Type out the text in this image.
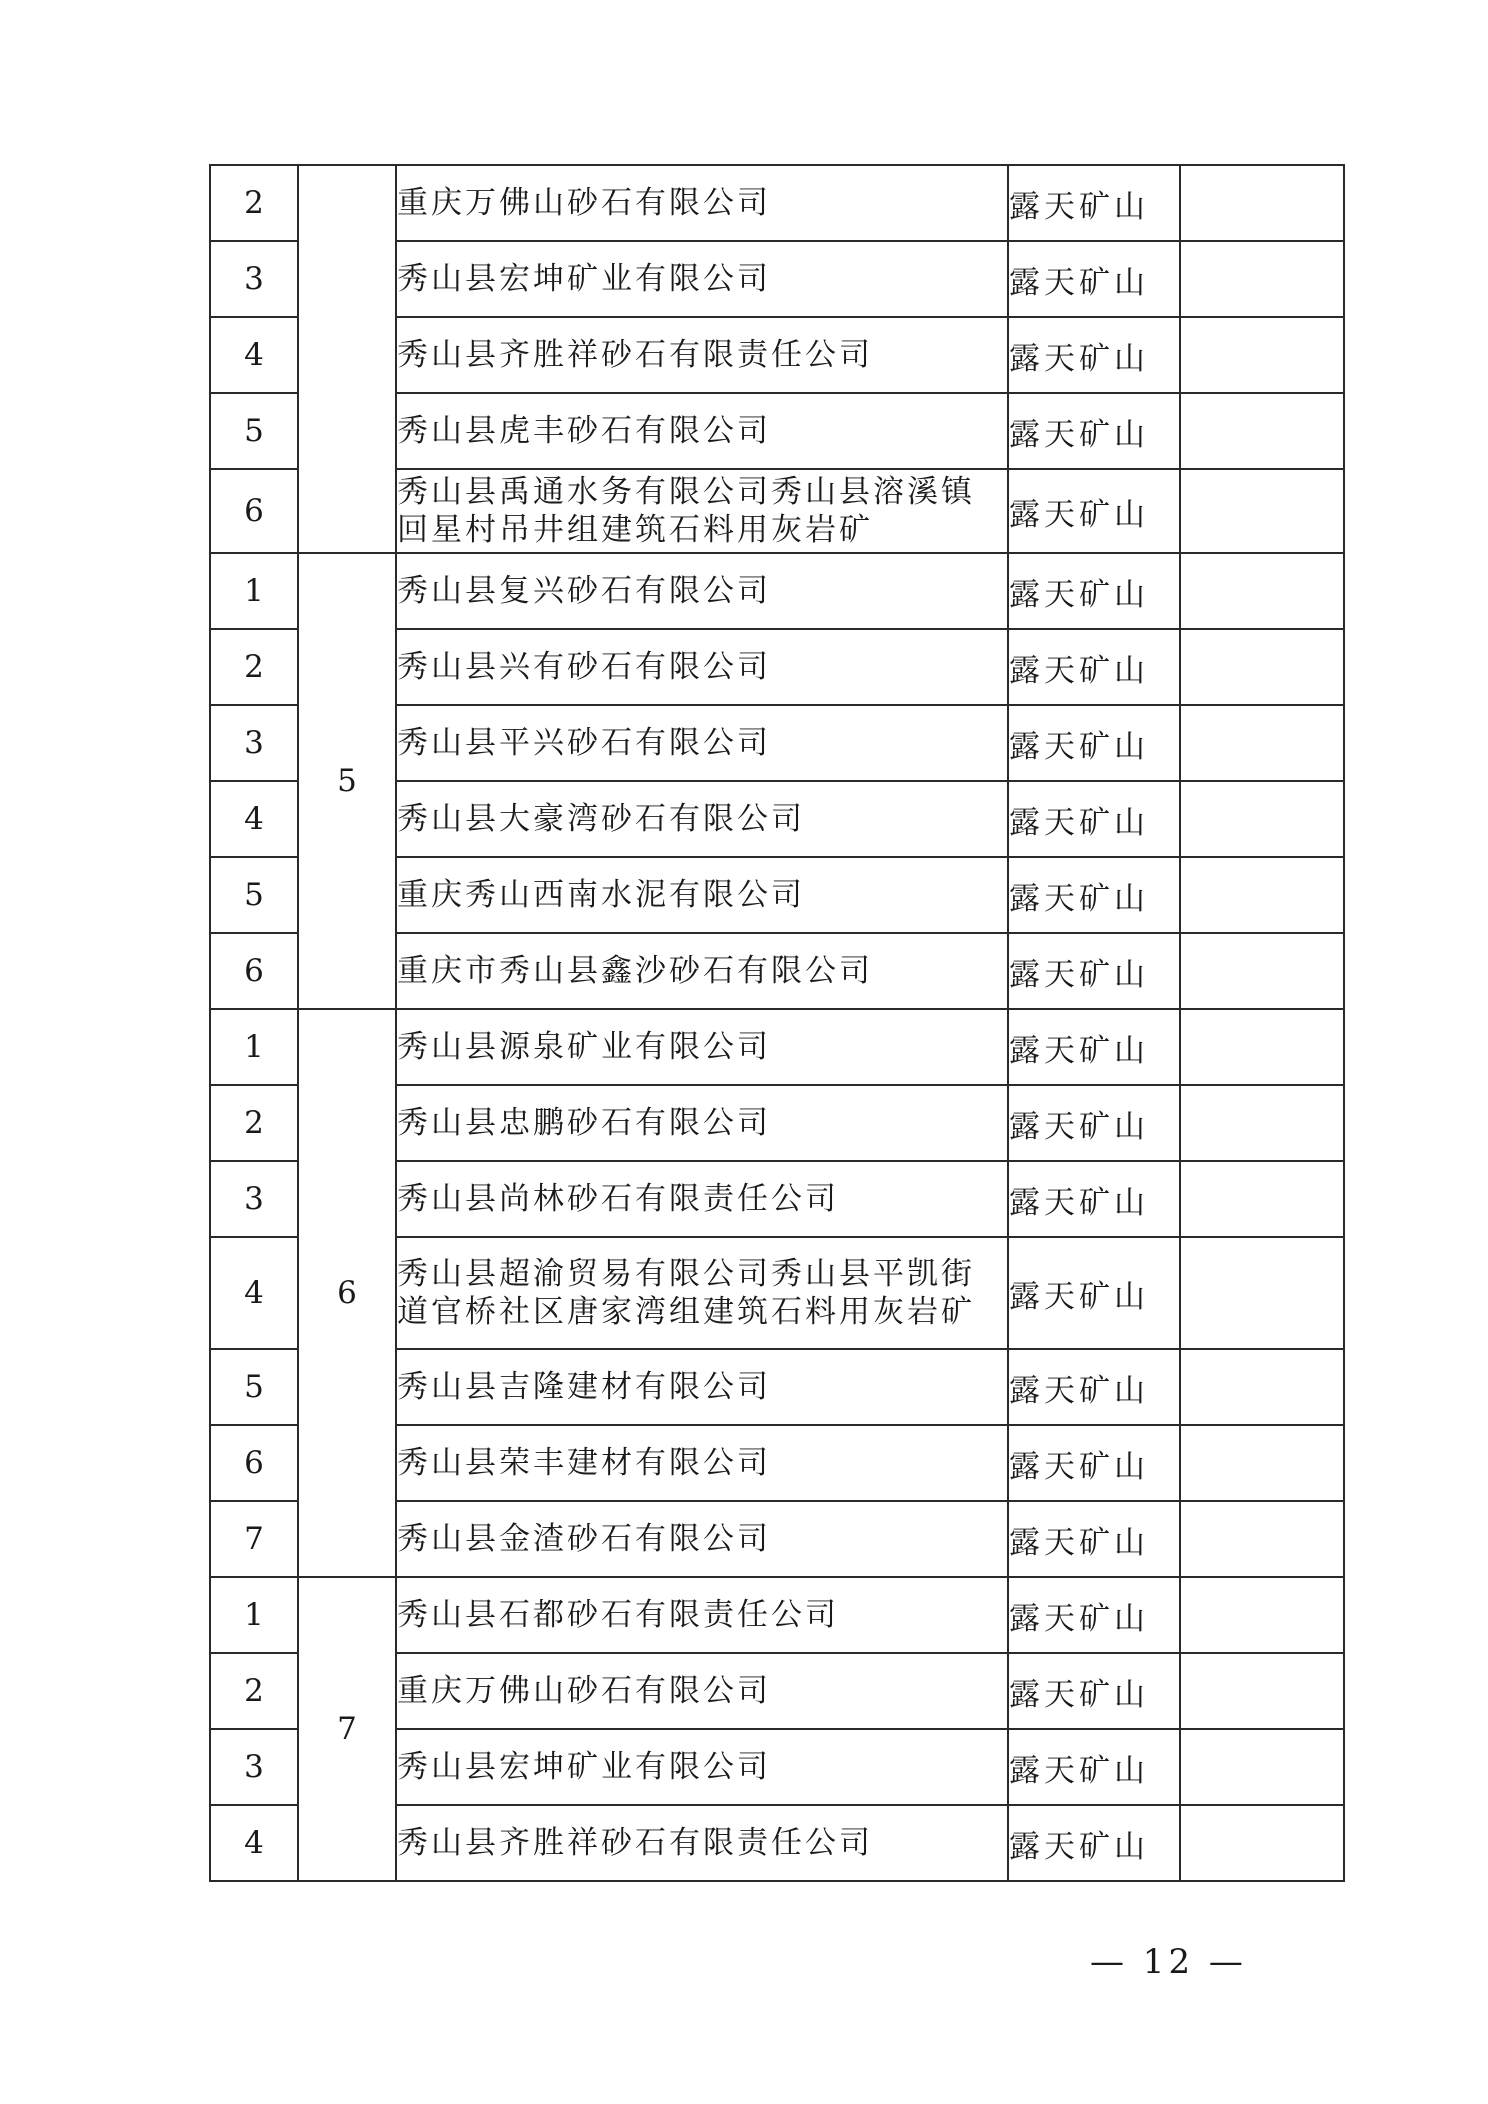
2		重庆万佛山砂石有限公司	露天矿山	
3		秀山县宏坤矿业有限公司	露天矿山	
4		秀山县齐胜祥砂石有限责任公司	露天矿山	
5		秀山县虎丰砂石有限公司	露天矿山	
6		秀山县禹通水务有限公司秀山县溶溪镇回星村吊井组建筑石料用灰岩矿	露天矿山	
1	5	秀山县复兴砂石有限公司	露天矿山	
2		秀山县兴有砂石有限公司	露天矿山	
3		秀山县平兴砂石有限公司	露天矿山	
4		秀山县大豪湾砂石有限公司	露天矿山	
5		重庆秀山西南水泥有限公司	露天矿山	
6		重庆市秀山县鑫沙砂石有限公司	露天矿山	
1	6	秀山县源泉矿业有限公司	露天矿山	
2		秀山县忠鹏砂石有限公司	露天矿山	
3		秀山县尚林砂石有限责任公司	露天矿山	
4		秀山县超渝贸易有限公司秀山县平凯街道官桥社区唐家湾组建筑石料用灰岩矿	露天矿山	
5		秀山县吉隆建材有限公司	露天矿山	
6		秀山县荣丰建材有限公司	露天矿山	
7		秀山县金渣砂石有限公司	露天矿山	
1	7	秀山县石都砂石有限责任公司	露天矿山	
2		重庆万佛山砂石有限公司	露天矿山	
3		秀山县宏坤矿业有限公司	露天矿山	
4		秀山县齐胜祥砂石有限责任公司	露天矿山	
— 12 —
